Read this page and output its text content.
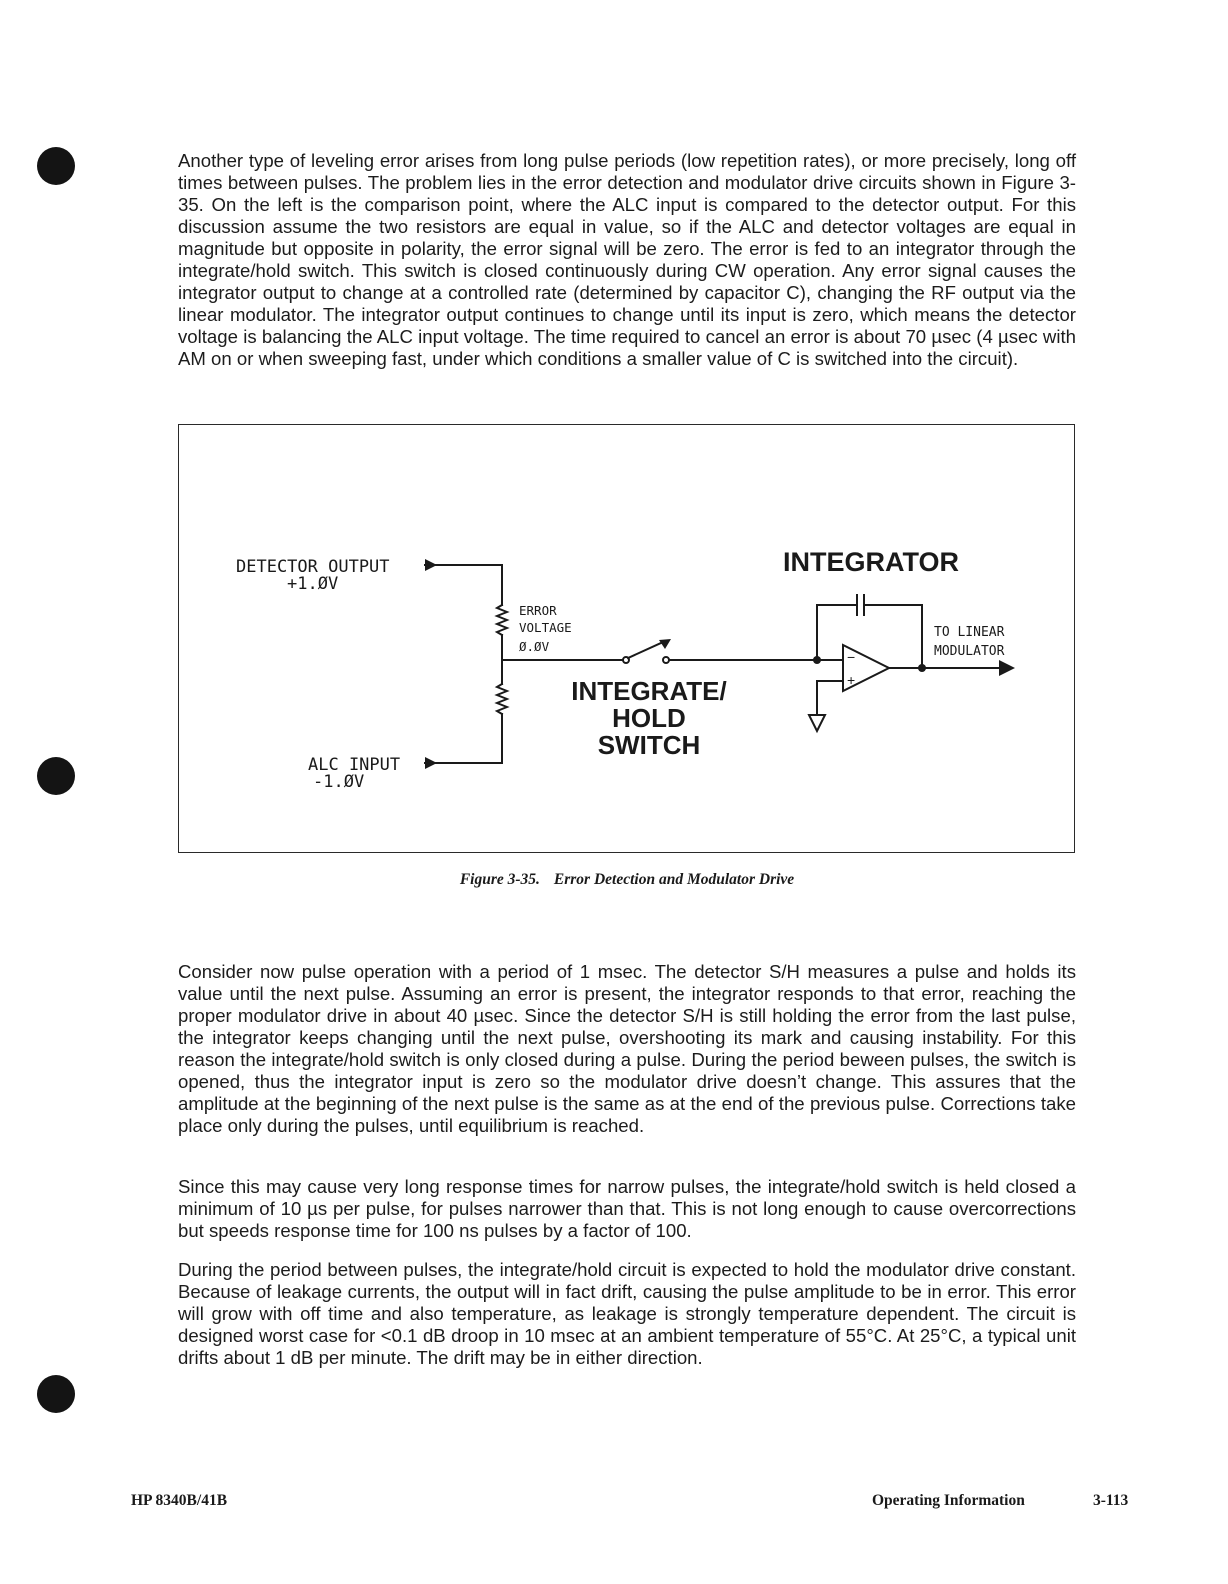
Another type of leveling error arises from long pulse periods (low repetition rates), or more precisely, long off times between pulses. The problem lies in the error detection and modulator drive circuits shown in Figure 3-35. On the left is the comparison point, where the ALC input is compared to the detector output. For this discussion assume the two resistors are equal in value, so if the ALC and detector voltages are equal in magnitude but opposite in polarity, the error signal will be zero. The error is fed to an integrator through the integrate/hold switch. This switch is closed continuously during CW operation. Any error signal causes the integrator output to change at a controlled rate (determined by capacitor C), changing the RF output via the linear modulator. The integrator output continues to change until its input is zero, which means the detector voltage is balancing the ALC input voltage. The time required to cancel an error is about 70 µsec (4 µsec with AM on or when sweeping fast, under which conditions a smaller value of C is switched into the circuit).

DETECTOR OUTPUT
+1.ØV
ALC INPUT
-1.ØV
ERROR
VOLTAGE
Ø.ØV
INTEGRATOR
INTEGRATE/
HOLD
SWITCH
TO LINEAR
MODULATOR
−
+
Figure 3-35. Error Detection and Modulator Drive

Consider now pulse operation with a period of 1 msec. The detector S/H measures a pulse and holds its value until the next pulse. Assuming an error is present, the integrator responds to that error, reaching the proper modulator drive in about 40 µsec. Since the detector S/H is still holding the error from the last pulse, the integrator keeps changing until the next pulse, overshooting its mark and causing instability. For this reason the integrate/hold switch is only closed during a pulse. During the period beween pulses, the switch is opened, thus the integrator input is zero so the modulator drive doesn’t change. This assures that the amplitude at the beginning of the next pulse is the same as at the end of the previous pulse. Corrections take place only during the pulses, until equilibrium is reached.

Since this may cause very long response times for narrow pulses, the integrate/hold switch is held closed a minimum of 10 µs per pulse, for pulses narrower than that. This is not long enough to cause overcorrections but speeds response time for 100 ns pulses by a factor of 100.

During the period between pulses, the integrate/hold circuit is expected to hold the modulator drive constant. Because of leakage currents, the output will in fact drift, causing the pulse amplitude to be in error. This error will grow with off time and also temperature, as leakage is strongly temperature dependent. The circuit is designed worst case for <0.1 dB droop in 10 msec at an ambient temperature of 55°C. At 25°C, a typical unit drifts about 1 dB per minute. The drift may be in either direction.

HP 8340B/41B	Operating Information	3-113
